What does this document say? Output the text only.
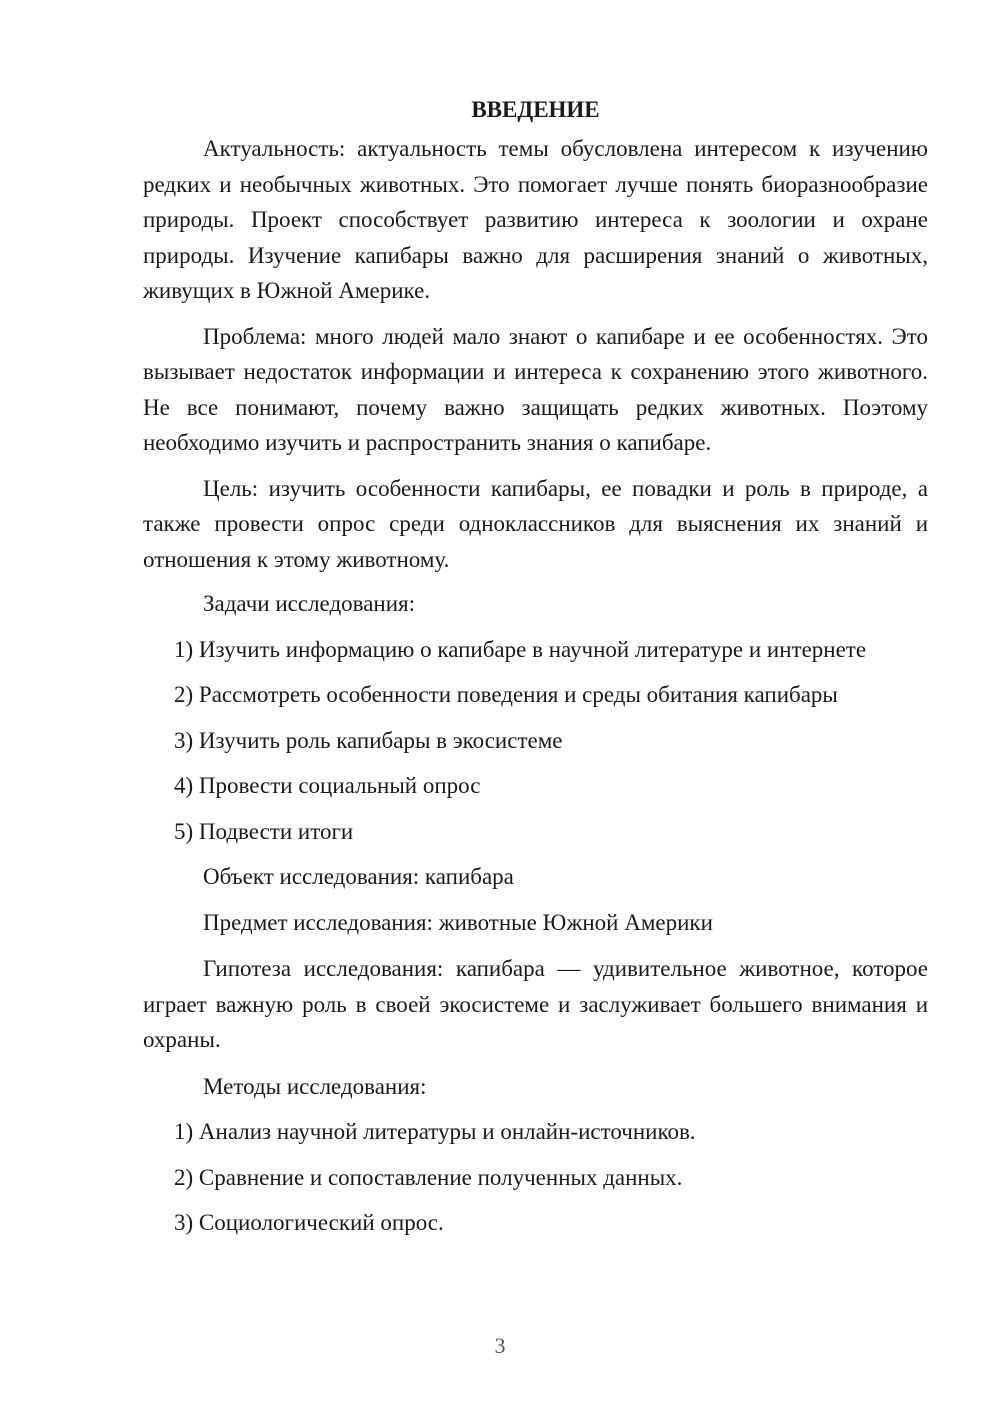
ВВЕДЕНИЕ

Актуальность: актуальность темы обусловлена интересом к изучению редких и необычных животных. Это помогает лучше понять биоразнообразие природы. Проект способствует развитию интереса к зоологии и охране природы. Изучение капибары важно для расширения знаний о животных, живущих в Южной Америке.

Проблема: много людей мало знают о капибаре и ее особенностях. Это вызывает недостаток информации и интереса к сохранению этого животного. Не все понимают, почему важно защищать редких животных. Поэтому необходимо изучить и распространить знания о капибаре.

Цель: изучить особенности капибары, ее повадки и роль в природе, а также провести опрос среди одноклассников для выяснения их знаний и отношения к этому животному.

Задачи исследования:

1) Изучить информацию о капибаре в научной литературе и интернете

2) Рассмотреть особенности поведения и среды обитания капибары

3) Изучить роль капибары в экосистеме

4) Провести социальный опрос

5) Подвести итоги

Объект исследования: капибара

Предмет исследования: животные Южной Америки

Гипотеза исследования: капибара — удивительное животное, которое играет важную роль в своей экосистеме и заслуживает большего внимания и охраны.

Методы исследования:

1) Анализ научной литературы и онлайн-источников.

2) Сравнение и сопоставление полученных данных.

3) Социологический опрос.

3
